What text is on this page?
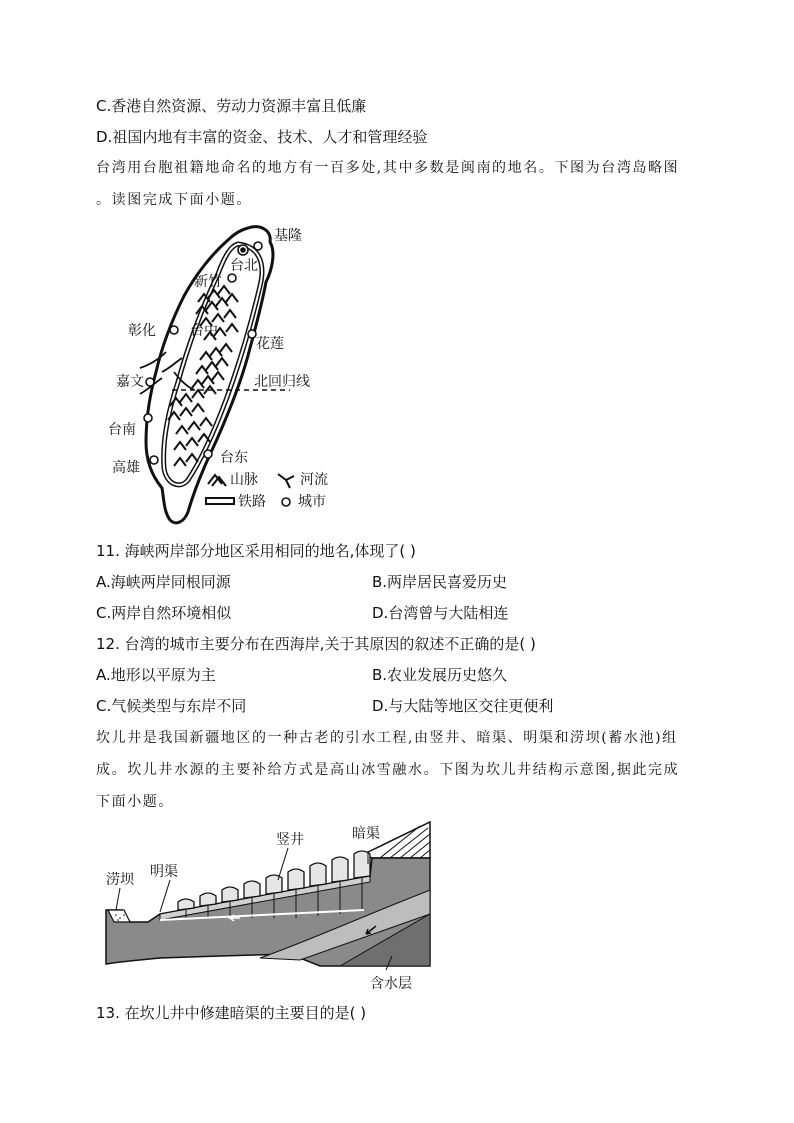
C.香港自然资源、劳动力资源丰富且低廉
D.祖国内地有丰富的资金、技术、人才和管理经验
台湾用台胞祖籍地命名的地方有一百多处,其中多数是闽南的地名。下图为台湾岛略图
。读图完成下面小题。
基隆
台北
新竹
彰化 台中
花莲
嘉文	北回归线
台南
高雄
台东
山脉	河流
铁路 城市
11. 海峡两岸部分地区采用相同的地名,体现了( )
A.海峡两岸同根同源	B.两岸居民喜爱历史
C.两岸自然环境相似	D.台湾曾与大陆相连
12. 台湾的城市主要分布在西海岸,关于其原因的叙述不正确的是( )
A.地形以平原为主	B.农业发展历史悠久
C.气候类型与东岸不同	D.与大陆等地区交往更便利
坎儿井是我国新疆地区的一种古老的引水工程,由竖井、暗渠、明渠和涝坝(蓄水池)组
成。坎儿井水源的主要补给方式是高山冰雪融水。下图为坎儿井结构示意图,据此完成
下面小题。
竖井	暗渠
涝坝 明渠
含水层
13. 在坎儿井中修建暗渠的主要目的是( )
